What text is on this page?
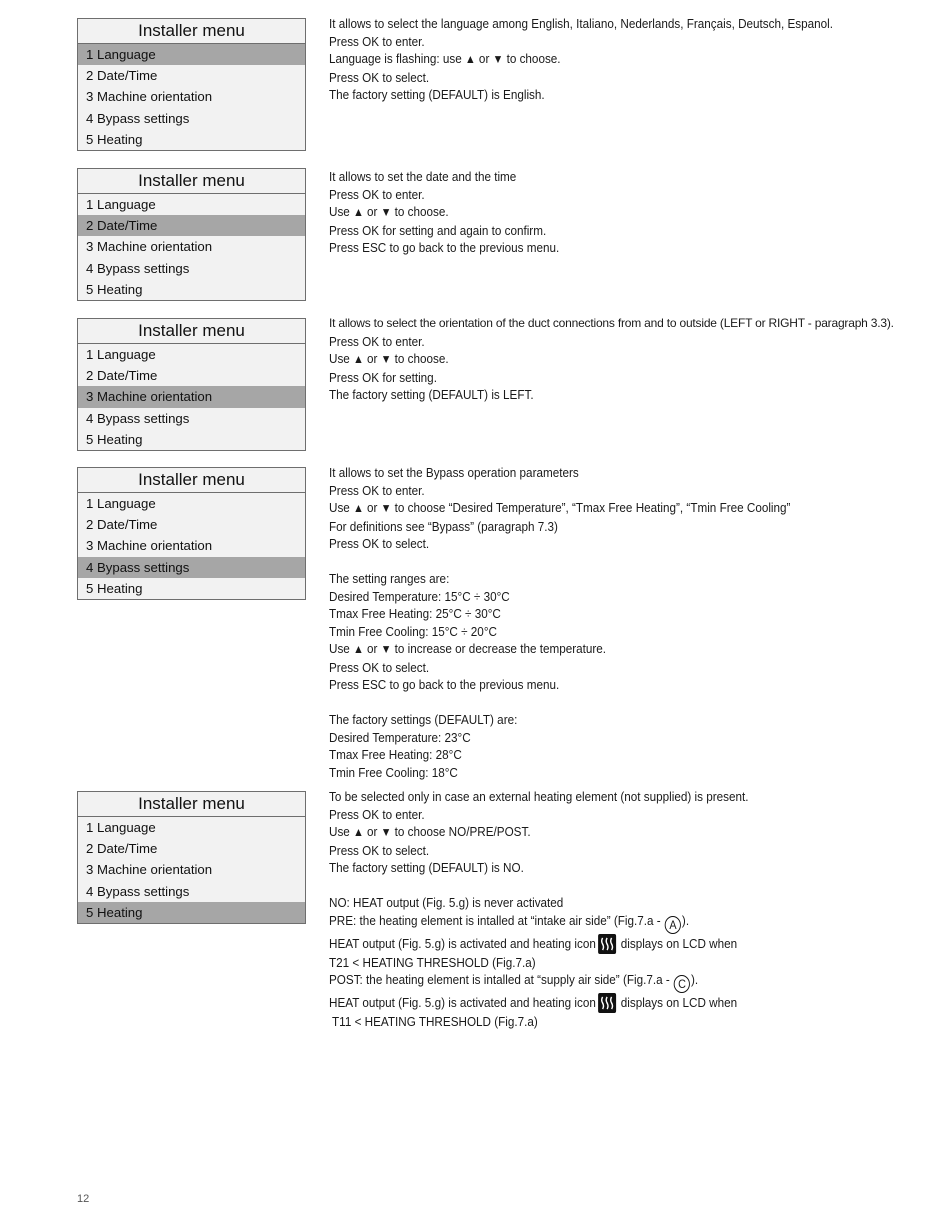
Installer menu
1 Language
2 Date/Time
3 Machine orientation
4 Bypass settings
5 Heating
It allows to select the language among English, Italiano, Nederlands, Français, Deutsch, Espanol.
Press OK to enter.
Language is flashing: use ▲ or ▼ to choose.
Press OK to select.
The factory setting (DEFAULT) is English.
Installer menu
1 Language
2 Date/Time
3 Machine orientation
4 Bypass settings
5 Heating
It allows to set the date and the time
Press OK to enter.
Use ▲ or ▼ to choose.
Press OK for setting and again to confirm.
Press ESC to go back to the previous menu.
Installer menu
1 Language
2 Date/Time
3 Machine orientation
4 Bypass settings
5 Heating
It allows to select the orientation of the duct connections from and to outside (LEFT or RIGHT - paragraph 3.3).
Press OK to enter.
Use ▲ or ▼ to choose.
Press OK for setting.
The factory setting (DEFAULT) is LEFT.
Installer menu
1 Language
2 Date/Time
3 Machine orientation
4 Bypass settings
5 Heating
It allows to set the Bypass operation parameters
Press OK to enter.
Use ▲ or ▼ to choose “Desired Temperature”, “Tmax Free Heating”, “Tmin Free Cooling”
For definitions see “Bypass” (paragraph 7.3)
Press OK to select.
The setting ranges are:
Desired Temperature: 15°C ÷ 30°C
Tmax Free Heating: 25°C ÷ 30°C
Tmin Free Cooling: 15°C ÷ 20°C
Use ▲ or ▼ to increase or decrease the temperature.
Press OK to select.
Press ESC to go back to the previous menu.
The factory settings (DEFAULT) are:
Desired Temperature: 23°C
Tmax Free Heating: 28°C
Tmin Free Cooling: 18°C
Installer menu
1 Language
2 Date/Time
3 Machine orientation
4 Bypass settings
5 Heating
To be selected only in case an external heating element (not supplied) is present.
Press OK to enter.
Use ▲ or ▼ to choose NO/PRE/POST.
Press OK to select.
The factory setting (DEFAULT) is NO.
NO: HEAT output (Fig. 5.g) is never activated
PRE: the heating element is intalled at “intake air side” (Fig.7.a - A ).
HEAT output (Fig. 5.g) is activated and heating icon displays on LCD when
T21 < HEATING THRESHOLD (Fig.7.a)
POST: the heating element is intalled at “supply air side” (Fig.7.a - C ).
HEAT output (Fig. 5.g) is activated and heating icon displays on LCD when
T11 < HEATING THRESHOLD (Fig.7.a)
12
